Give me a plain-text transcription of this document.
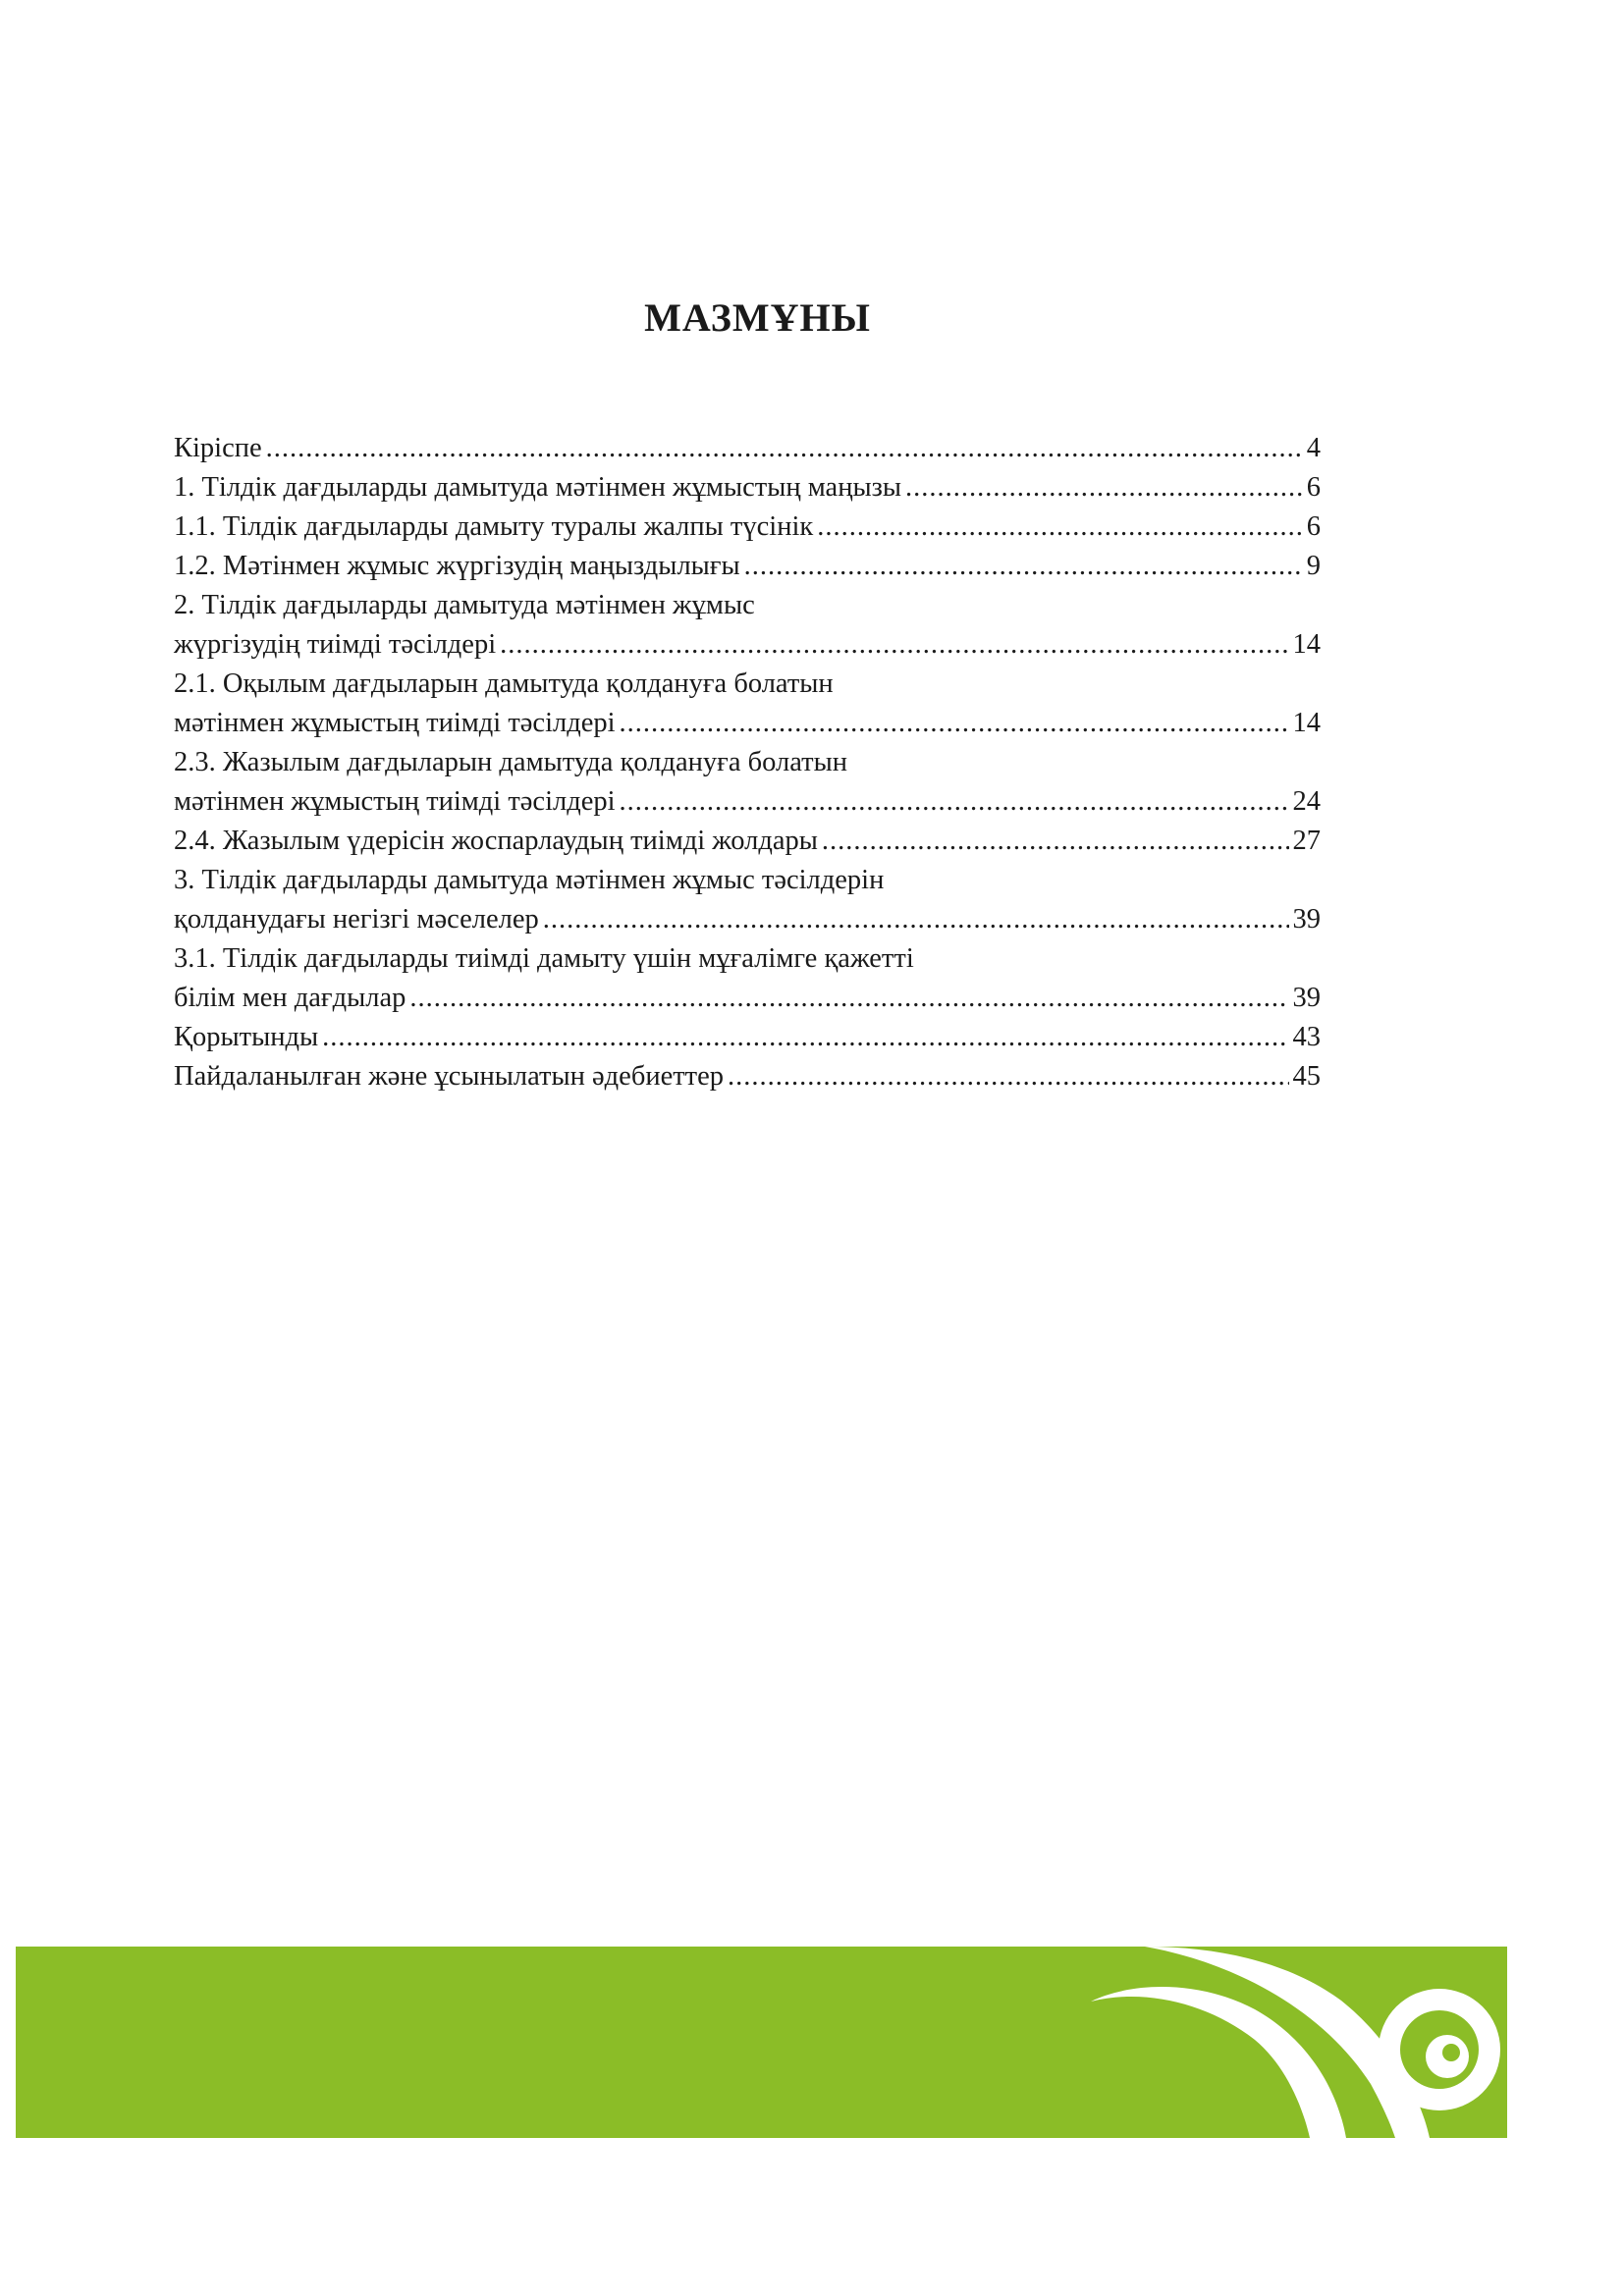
МАЗМҰНЫ
Кіріспе .....	4
1. Тілдік дағдыларды дамытуда мәтінмен жұмыстың маңызы .....	6
1.1. Тілдік дағдыларды дамыту туралы жалпы түсінік .....	6
1.2. Мәтінмен жұмыс жүргізудің маңыздылығы .....	9
2. Тілдік дағдыларды дамытуда мәтінмен жұмыс
жүргізудің тиімді тәсілдері .....	14
2.1. Оқылым дағдыларын дамытуда қолдануға болатын
мәтінмен жұмыстың тиімді тәсілдері .....	14
2.3. Жазылым дағдыларын дамытуда қолдануға болатын
мәтінмен жұмыстың тиімді тәсілдері .....	24
2.4. Жазылым үдерісін жоспарлаудың тиімді жолдары .....	27
3. Тілдік дағдыларды дамытуда мәтінмен жұмыс тәсілдерін
қолданудағы негізгі мәселелер .....	39
3.1. Тілдік дағдыларды тиімді дамыту үшін мұғалімге қажетті
білім мен дағдылар .....	39
Қорытынды .....	43
Пайдаланылған және ұсынылатын әдебиеттер .....	45
